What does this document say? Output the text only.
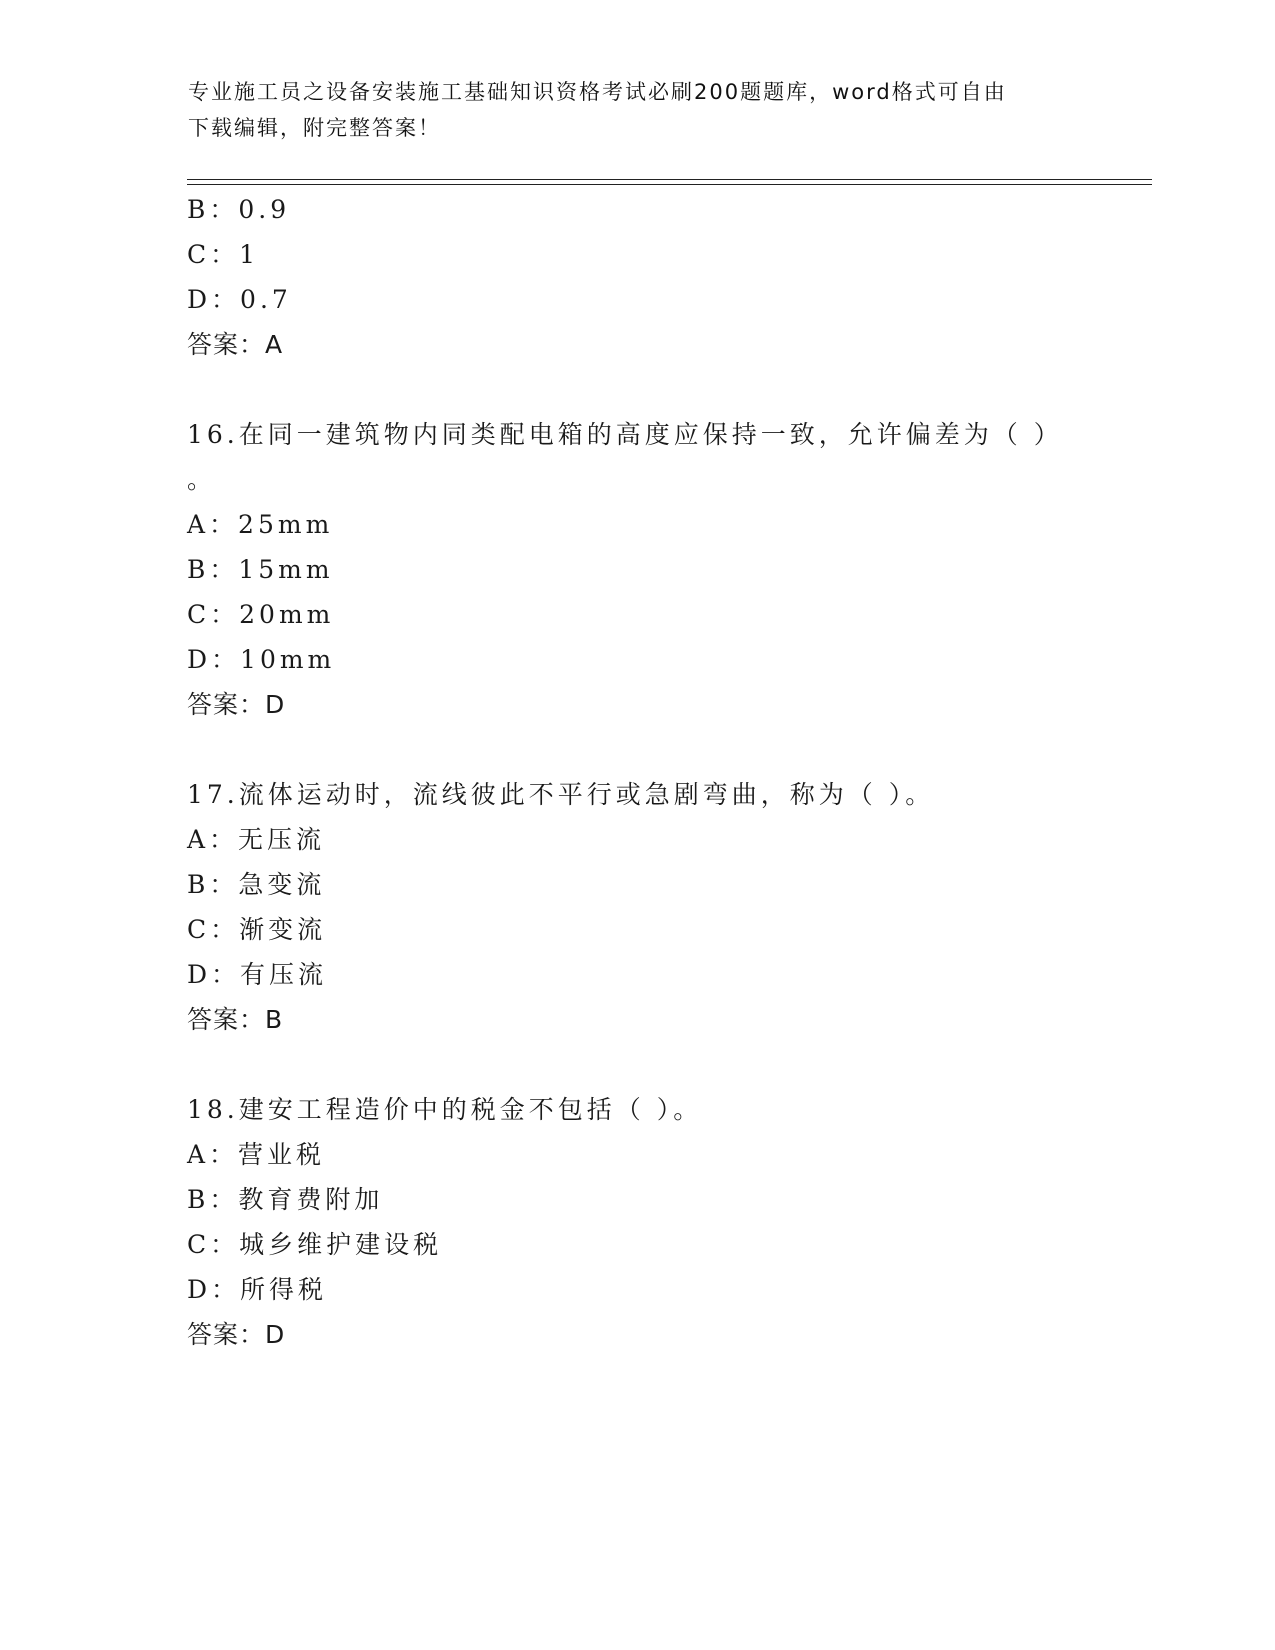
专业施工员之设备安装施工基础知识资格考试必刷200题题库，word格式可自由
下载编辑，附完整答案！
B：0.9
C：1
D：0.7
答案：A
16.在同一建筑物内同类配电箱的高度应保持一致，允许偏差为（ ）
。
A：25mm
B：15mm
C：20mm
D：10mm
答案：D
17.流体运动时，流线彼此不平行或急剧弯曲，称为（ ）。
A：无压流
B：急变流
C：渐变流
D：有压流
答案：B
18.建安工程造价中的税金不包括（ ）。
A：营业税
B：教育费附加
C：城乡维护建设税
D：所得税
答案：D
